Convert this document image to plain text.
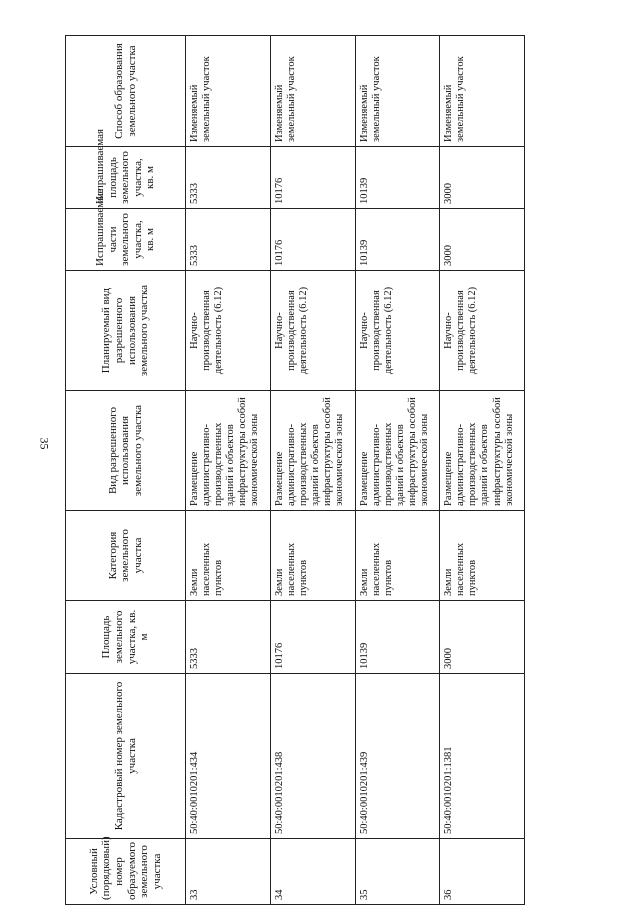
35
Условный (порядковый) номер образуемого земельного участка	Кадастровый номер земельного участка	Площадь земельного участка, кв. м	Категория земельного участка	Вид разрешенного использования земельного участка	Планируемый вид разрешенного использования земельного участка	Испрашиваемые части земельного участка, кв. м	Испрашиваемая площадь земельного участка, кв. м	Способ образования земельного участка
33	50:40:0010201:434	5333	Земли населенных пунктов	Размещение административно-производственных зданий и объектов инфраструктуры особой экономической зоны	Научно-производственная деятельность (6.12)	5333	5333	Изменяемый земельный участок
34	50:40:0010201:438	10176	Земли населенных пунктов	Размещение административно-производственных зданий и объектов инфраструктуры особой экономической зоны	Научно-производственная деятельность (6.12)	10176	10176	Изменяемый земельный участок
35	50:40:0010201:439	10139	Земли населенных пунктов	Размещение административно-производственных зданий и объектов инфраструктуры особой экономической зоны	Научно-производственная деятельность (6.12)	10139	10139	Изменяемый земельный участок
36	50:40:0010201:1381	3000	Земли населенных пунктов	Размещение административно-производственных зданий и объектов инфраструктуры особой экономической зоны	Научно-производственная деятельность (6.12)	3000	3000	Изменяемый земельный участок
